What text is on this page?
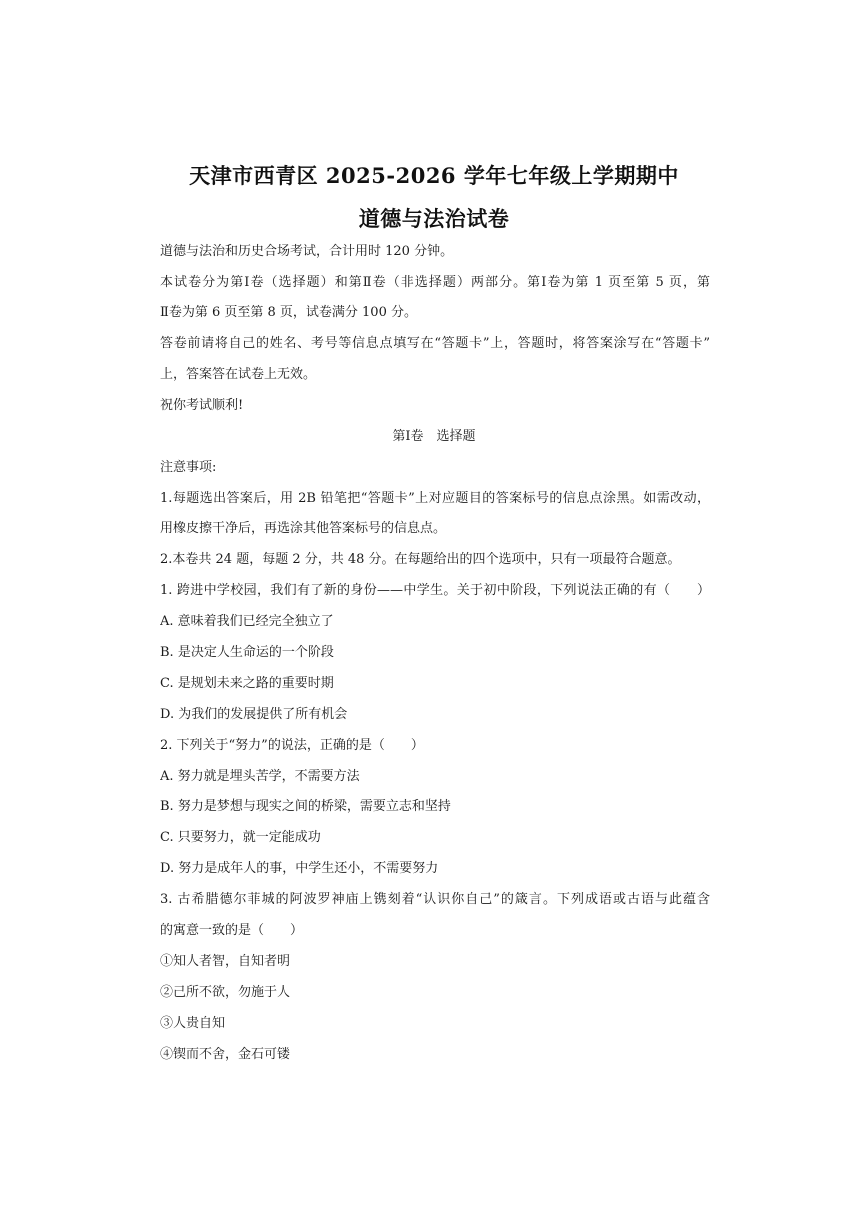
天津市西青区 2025-2026 学年七年级上学期期中
道德与法治试卷
道德与法治和历史合场考试，合计用时 120 分钟。
本试卷分为第Ⅰ卷（选择题）和第Ⅱ卷（非选择题）两部分。第Ⅰ卷为第 1 页至第 5 页，第
Ⅱ卷为第 6 页至第 8 页，试卷满分 100 分。
答卷前请将自己的姓名、考号等信息点填写在“答题卡”上，答题时，将答案涂写在“答题卡”
上，答案答在试卷上无效。
祝你考试顺利!
第Ⅰ卷　选择题
注意事项:
1.每题选出答案后，用 2B 铅笔把“答题卡”上对应题目的答案标号的信息点涂黑。如需改动，
用橡皮擦干净后，再选涂其他答案标号的信息点。
2.本卷共 24 题，每题 2 分，共 48 分。在每题给出的四个选项中，只有一项最符合题意。
1. 跨进中学校园，我们有了新的身份——中学生。关于初中阶段，下列说法正确的有（　　）
A. 意味着我们已经完全独立了
B. 是决定人生命运的一个阶段
C. 是规划未来之路的重要时期
D. 为我们的发展提供了所有机会
2. 下列关于“努力”的说法，正确的是（　　）
A. 努力就是埋头苦学，不需要方法
B. 努力是梦想与现实之间的桥梁，需要立志和坚持
C. 只要努力，就一定能成功
D. 努力是成年人的事，中学生还小，不需要努力
3. 古希腊德尔菲城的阿波罗神庙上镌刻着“认识你自己”的箴言。下列成语或古语与此蕴含
的寓意一致的是（　　）
①知人者智，自知者明
②己所不欲，勿施于人
③人贵自知
④锲而不舍，金石可镂
